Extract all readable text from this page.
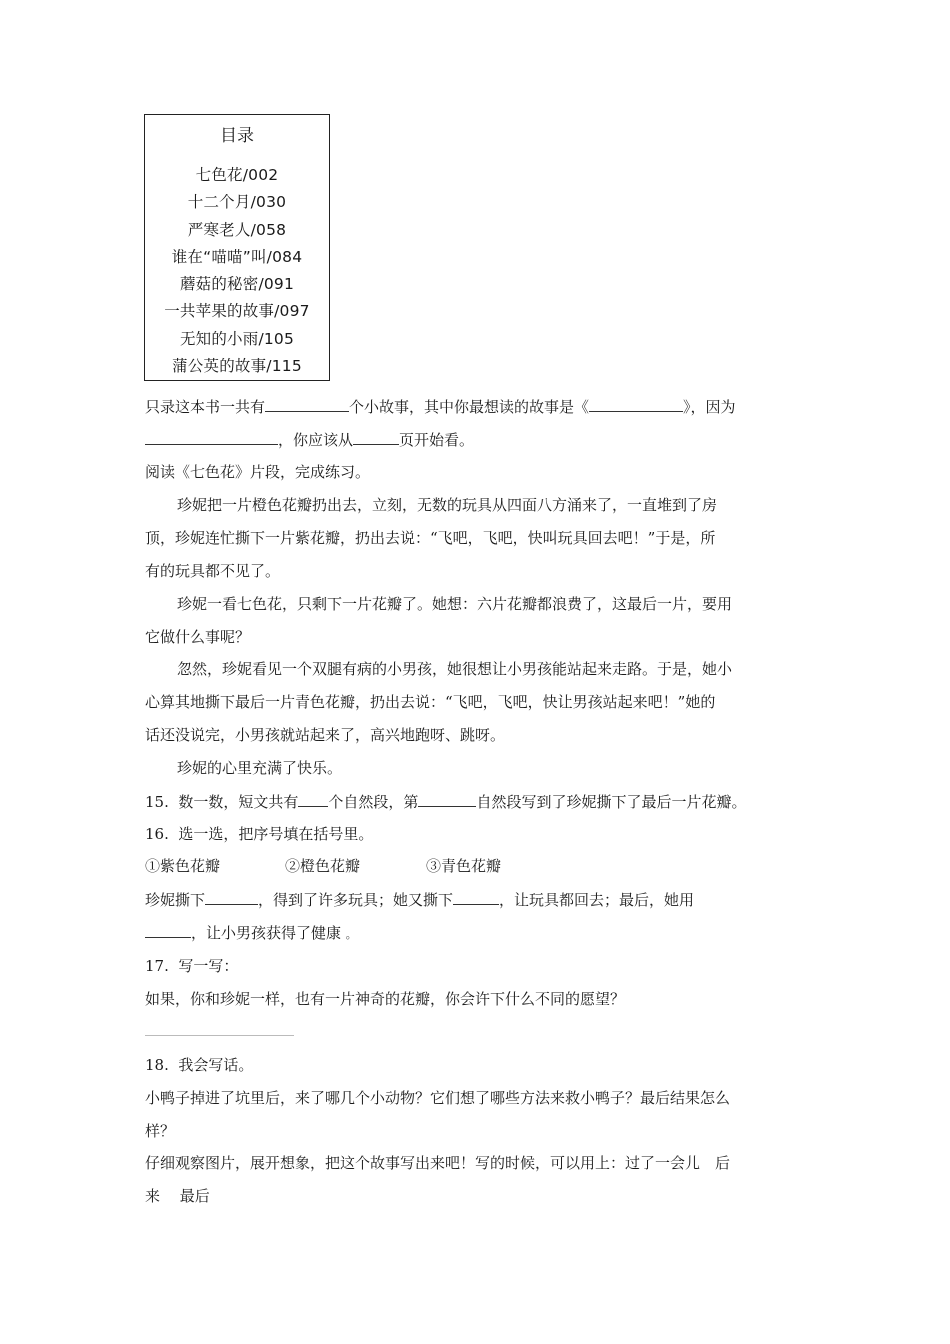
目录
七色花/002
十二个月/030
严寒老人/058
谁在“喵喵”叫/084
蘑菇的秘密/091
一共苹果的故事/097
无知的小雨/105
蒲公英的故事/115
只录这本书一共有	个小故事，其中你最想读的故事是《	》，因为
，你应该从	页开始看。
阅读《七色花》片段，完成练习。
珍妮把一片橙色花瓣扔出去，立刻，无数的玩具从四面八方涌来了，一直堆到了房
顶，珍妮连忙撕下一片紫花瓣，扔出去说：“飞吧，飞吧，快叫玩具回去吧！”于是，所
有的玩具都不见了。
珍妮一看七色花，只剩下一片花瓣了。她想：六片花瓣都浪费了，这最后一片，要用
它做什么事呢？
忽然，珍妮看见一个双腿有病的小男孩，她很想让小男孩能站起来走路。于是，她小
心算其地撕下最后一片青色花瓣，扔出去说：“飞吧，飞吧，快让男孩站起来吧！”她的
话还没说完，小男孩就站起来了，高兴地跑呀、跳呀。
珍妮的心里充满了快乐。
15. 数一数，短文共有 个自然段，第	自然段写到了珍妮撕下了最后一片花瓣。
16. 选一选，把序号填在括号里。
①紫色花瓣	②橙色花瓣	③青色花瓣
珍妮撕下	，得到了许多玩具；她又撕下	，让玩具都回去；最后，她用
，让小男孩获得了健康 。
17. 写一写：
如果，你和珍妮一样，也有一片神奇的花瓣，你会许下什么不同的愿望？
18. 我会写话。
小鸭子掉进了坑里后，来了哪几个小动物？它们想了哪些方法来救小鸭子？最后结果怎么
样？
仔细观察图片，展开想象，把这个故事写出来吧！写的时候，可以用上：过了一会儿　后
来　 最后
